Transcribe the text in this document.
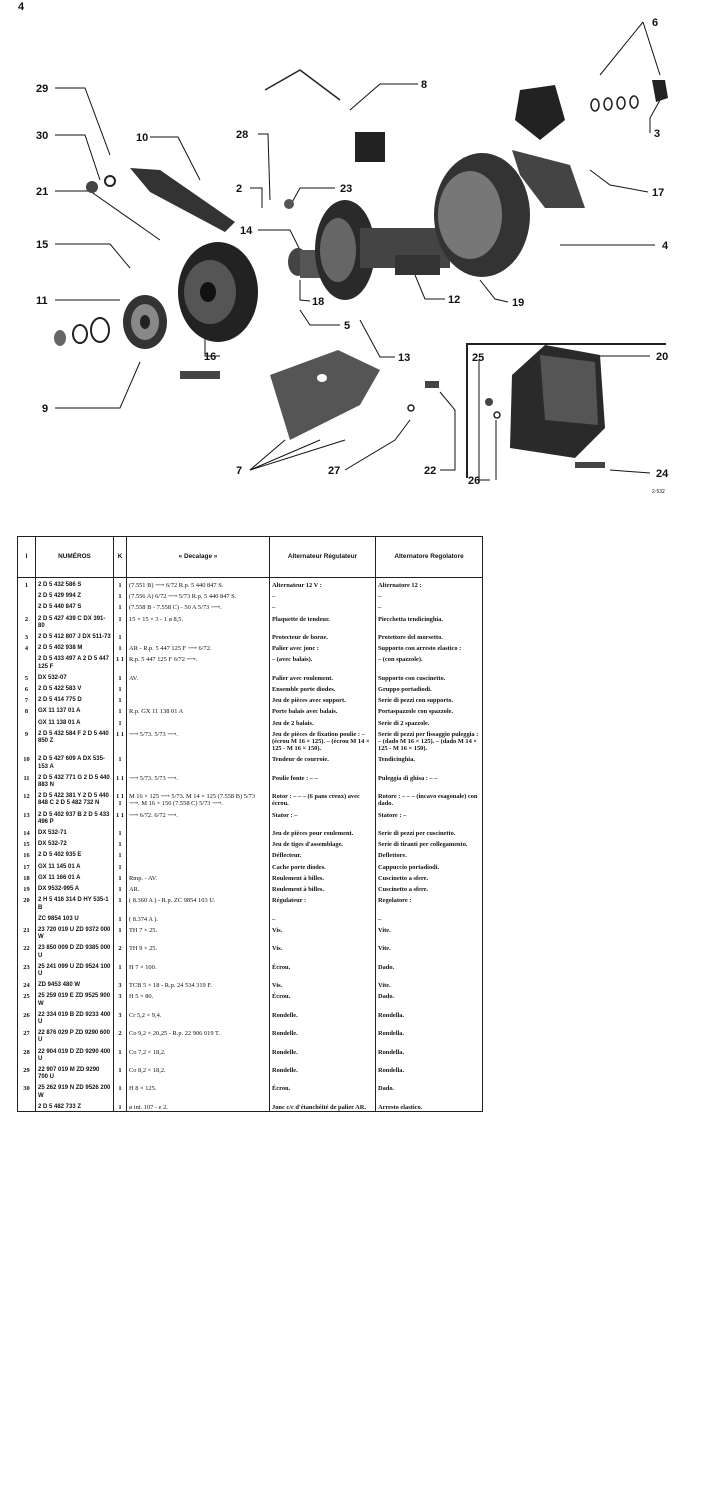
4
29
30
21
15
11
9
10	28
2	23
14
18
16
5
7	27	22
8
6
3
17
4
12	19
13	25
26
20
24
2-532
I	NUMÉROS	K	« Decalage »	Alternateur Régulateur	Alternatore Regolatore
1	2 D 5 432 586 S	1	(7.551 B) ⟶ 6/72 R.p. 5 440 847 S.	Alternateur 12 V :	Alternatore 12 :
	2 D 5 429 994 Z	1	(7.556 A) 6/72 ⟶ 5/73 R.p. 5 440 847 S.	–	–
	2 D 5 440 847 S	1	(7.558 B - 7.558 C) - 50 A 5/73 ⟶.	–	–
2	2 D 5 427 439 C DX 391-80	1	15 × 15 × 3 - 1 ø 8,5.	Plaquette de tendeur.	Piecchetta tendicinghia.
3	2 D 5 412 807 J DX 511-73	1		Protecteur de borne.	Protettore del morsetto.
4	2 D 5 402 938 M	1	AR - R.p. 5 447 125 F ⟶ 6/72.	Palier avec jonc :	Supporto con arresto elastico :
	2 D 5 433 497 A 2 D 5 447 125 F	1 1	R.p. 5 447 125 F 6/72 ⟶.	– (avec balais).	– (con spazzole).
5	DX 532-07	1	AV.	Palier avec roulement.	Supporto con cuscinetto.
6	2 D 5 422 583 V	1		Ensemble porte diodes.	Gruppo portadiodi.
7	2 D 5 414 775 D	1		Jeu de pièces avec support.	Serie di pezzi con supporto.
8	GX 11 137 01 A	1	R.p. GX 11 138 01 A	Porte balais avec balais.	Portaspazzole con spazzole.
	GX 11 138 01 A	1		Jeu de 2 balais.	Serie di 2 spazzole.
9	2 D 5 432 584 F 2 D 5 440 850 Z	1 1	⟶ 5/73. 5/73 ⟶.	Jeu de pièces de fixation poulie : – (écrou M 16 × 125). – (écrou M 14 × 125 - M 16 × 150).	Serie di pezzi per fissaggio puleggia : – (dado M 16 × 125). – (dado M 14 × 125 - M 16 × 150).
10	2 D 5 427 609 A DX 535-153 A	1		Tendeur de courroie.	Tendicinghia.
11	2 D 5 432 771 G 2 D 5 440 883 N	1 1	⟶ 5/73. 5/73 ⟶.	Poulie fonte : – –	Puleggia di ghisa : – –
12	2 D 5 422 381 Y 2 D 5 440 848 C 2 D 5 482 732 N	1 1 1	M 16 × 125 ⟶ 5/73. M 14 × 125 (7.558 B) 5/73 ⟶. M 16 × 150 (7.558 C) 5/73 ⟶.	Rotor : – – – (6 pans creux) avec écrou.	Rotore : – – – (incavo esagonale) con dado.
13	2 D 5 402 937 B 2 D 5 433 496 P	1 1	⟶ 6/72. 6/72 ⟶.	Stator : –	Statore : –
14	DX 532-71	1		Jeu de pièces pour roulement.	Serie di pezzi per cuscinetto.
15	DX 532-72	1		Jeu de tiges d'assemblage.	Serie di tiranti per collegamento.
16	2 D 5 402 935 E	1		Déflecteur.	Deflettore.
17	GX 11 145 01 A	1		Cache porte diodes.	Cappuccio portadiodi.
18	GX 11 166 01 A	1	Rmp. - AV.	Roulement à billes.	Cuscinetto a sfere.
19	DX 9532-995 A	1	AR.	Roulement à billes.	Cuscinetto a sfere.
20	2 H 5 416 314 D HY 535-1 B	1	( 8.360 A ) - R.p. ZC 9854 103 U.	Régulateur :	Regolatore :
	ZC 9854 103 U	1	( 8.374 A ).	–	–
21	23 720 019 U ZD 9372 000 W	1	TH 7 × 25.	Vis.	Vite.
22	23 850 009 D ZD 9385 000 U	2	TH 9 × 25.	Vis.	Vite.
23	25 241 099 U ZD 9524 100 U	1	H 7 × 100.	Écrou.	Dado.
24	ZD 9453 480 W	3	TCB 5 × 18 - R.p. 24 534 319 F.	Vis.	Vite.
25	25 259 019 E ZD 9525 900 W	3	H 5 × 80.	Écrou.	Dado.
26	22 334 019 B ZD 9233 400 U	3	Cr 5,2 × 9,4.	Rondelle.	Rondella.
27	22 876 029 P ZD 9290 600 U	2	Co 9,2 × 20,25 - R.p. 22 906 019 T.	Rondelle.	Rondella.
28	22 904 019 D ZD 9290 400 U	1	Co 7,2 × 18,2.	Rondelle.	Rondella.
29	22 907 019 M ZD 9290 700 U	1	Co 8,2 × 18,2.	Rondelle.	Rondella.
30	25 262 919 N ZD 9526 200 W	1	H 8 × 125.	Écrou.	Dado.
	2 D 5 482 733 Z	1	ø int. 107 - e 2.	Jonc c/c d'étanchéité de palier AR.	Arresto elastico.
